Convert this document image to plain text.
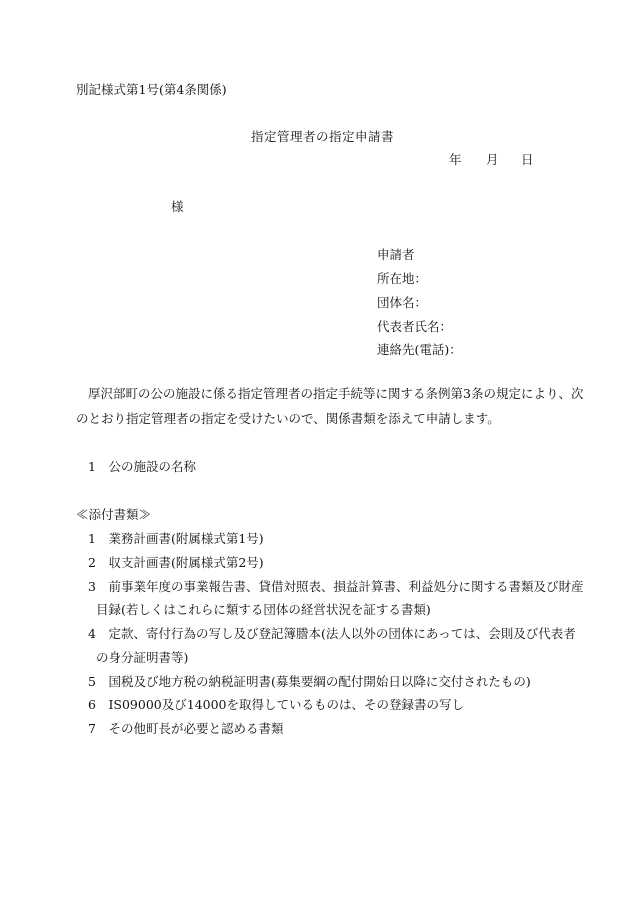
別記様式第1号(第4条関係)
指定管理者の指定申請書
年 月 日
様
申請者
所在地：
団体名：
代表者氏名：
連絡先(電話)：
厚沢部町の公の施設に係る指定管理者の指定手続等に関する条例第3条の規定により、次
のとおり指定管理者の指定を受けたいので、関係書類を添えて申請します。
1　公の施設の名称
≪添付書類≫
1　業務計画書(附属様式第1号)
2　収支計画書(附属様式第2号)
3　前事業年度の事業報告書、貸借対照表、損益計算書、利益処分に関する書類及び財産
目録(若しくはこれらに類する団体の経営状況を証する書類)
4　定款、寄付行為の写し及び登記簿謄本(法人以外の団体にあっては、会則及び代表者
の身分証明書等)
5　国税及び地方税の納税証明書(募集要綱の配付開始日以降に交付されたもの)
6　IS09000及び14000を取得しているものは、その登録書の写し
7　その他町長が必要と認める書類
